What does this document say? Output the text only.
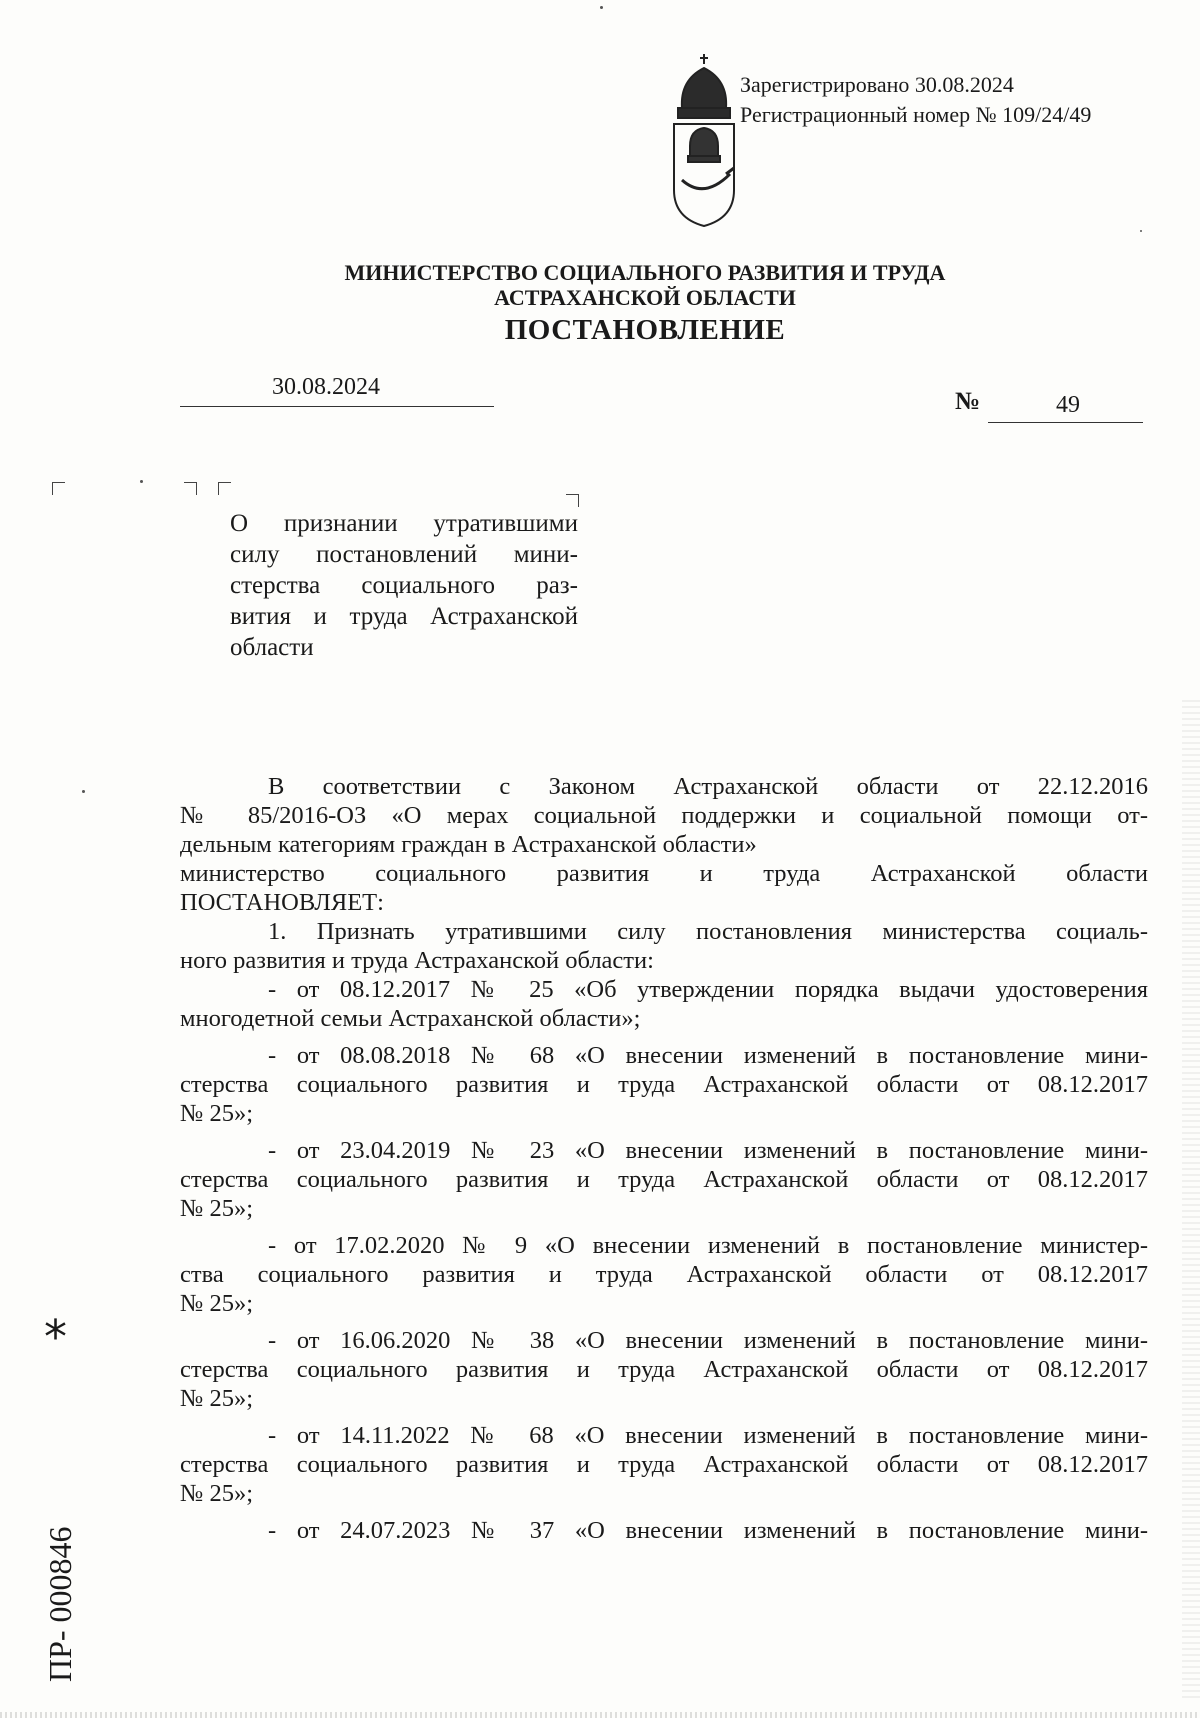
Зарегистрировано 30.08.2024
Регистрационный номер № 109/24/49
МИНИСТЕРСТВО СОЦИАЛЬНОГО РАЗВИТИЯ И ТРУДА
АСТРАХАНСКОЙ ОБЛАСТИ
ПОСТАНОВЛЕНИЕ
30.08.2024
№	49
О признании утратившими
силу постановлений мини-
стерства социального раз-
вития и труда Астраханской
области
В соответствии с Законом Астраханской области от 22.12.2016
№ 85/2016-ОЗ «О мерах социальной поддержки и социальной помощи от-
дельным категориям граждан в Астраханской области»
министерство социального развития и труда Астраханской области
ПОСТАНОВЛЯЕТ:
1. Признать утратившими силу постановления министерства социаль-
ного развития и труда Астраханской области:
- от 08.12.2017 № 25 «Об утверждении порядка выдачи удостоверения
многодетной семьи Астраханской области»;
- от 08.08.2018 № 68 «О внесении изменений в постановление мини-
стерства социального развития и труда Астраханской области от 08.12.2017
№ 25»;
- от 23.04.2019 № 23 «О внесении изменений в постановление мини-
стерства социального развития и труда Астраханской области от 08.12.2017
№ 25»;
- от 17.02.2020 № 9 «О внесении изменений в постановление министер-
ства социального развития и труда Астраханской области от 08.12.2017
№ 25»;
- от 16.06.2020 № 38 «О внесении изменений в постановление мини-
стерства социального развития и труда Астраханской области от 08.12.2017
№ 25»;
- от 14.11.2022 № 68 «О внесении изменений в постановление мини-
стерства социального развития и труда Астраханской области от 08.12.2017
№ 25»;
- от 24.07.2023 № 37 «О внесении изменений в постановление мини-
*
ПР- 000846
